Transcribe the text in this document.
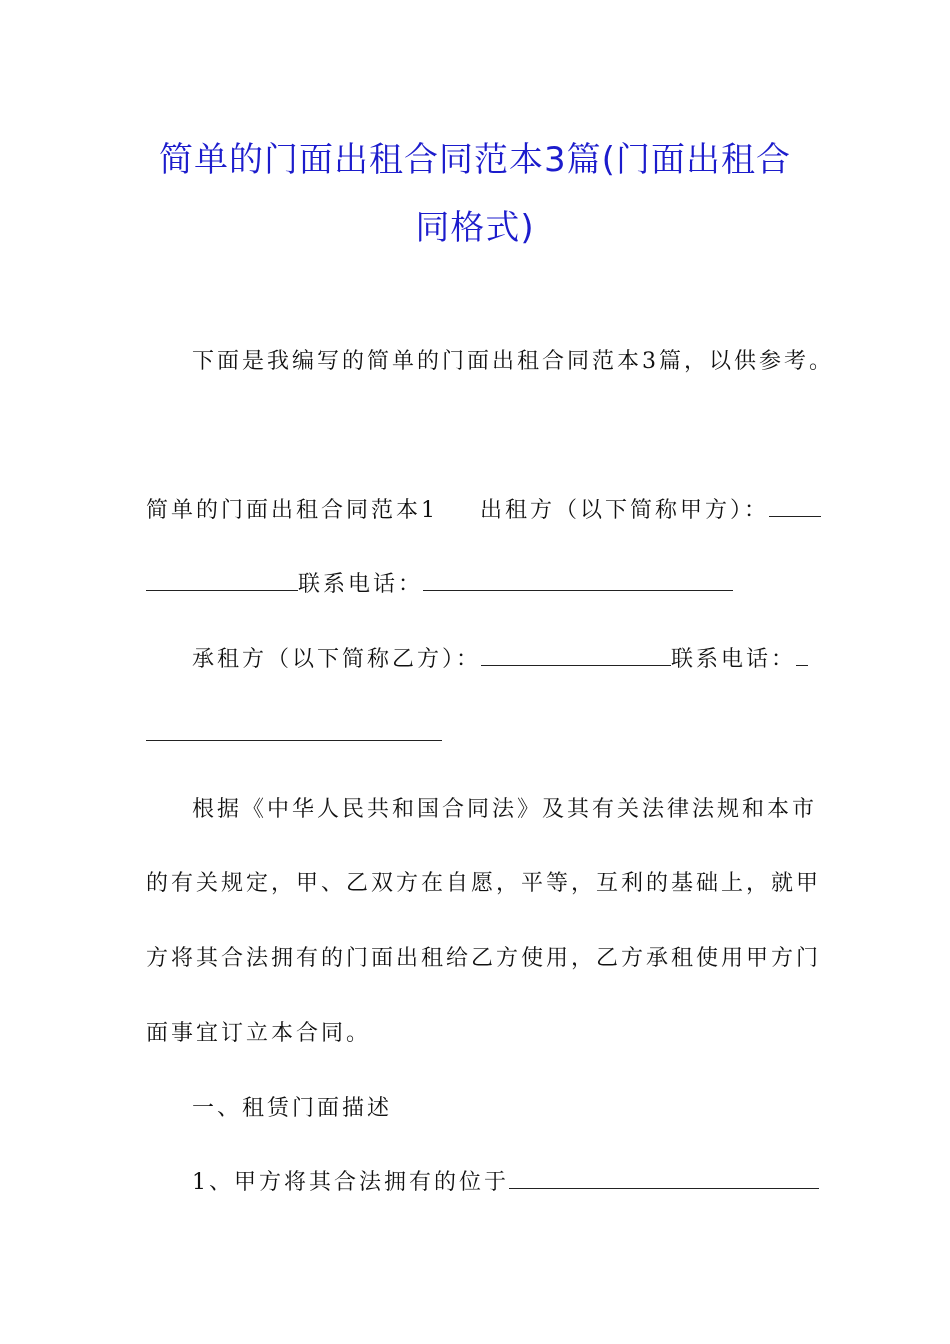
简单的门面出租合同范本3篇(门面出租合
同格式)

下面是我编写的简单的门面出租合同范本3篇，以供参考。

简单的门面出租合同范本1 出租方（以下简称甲方）：

联系电话：

承租方（以下简称乙方）：	联系电话：

根据《中华人民共和国合同法》及其有关法律法规和本市

的有关规定，甲、乙双方在自愿，平等，互利的基础上，就甲

方将其合法拥有的门面出租给乙方使用，乙方承租使用甲方门

面事宜订立本合同。

一、租赁门面描述

1、甲方将其合法拥有的位于
